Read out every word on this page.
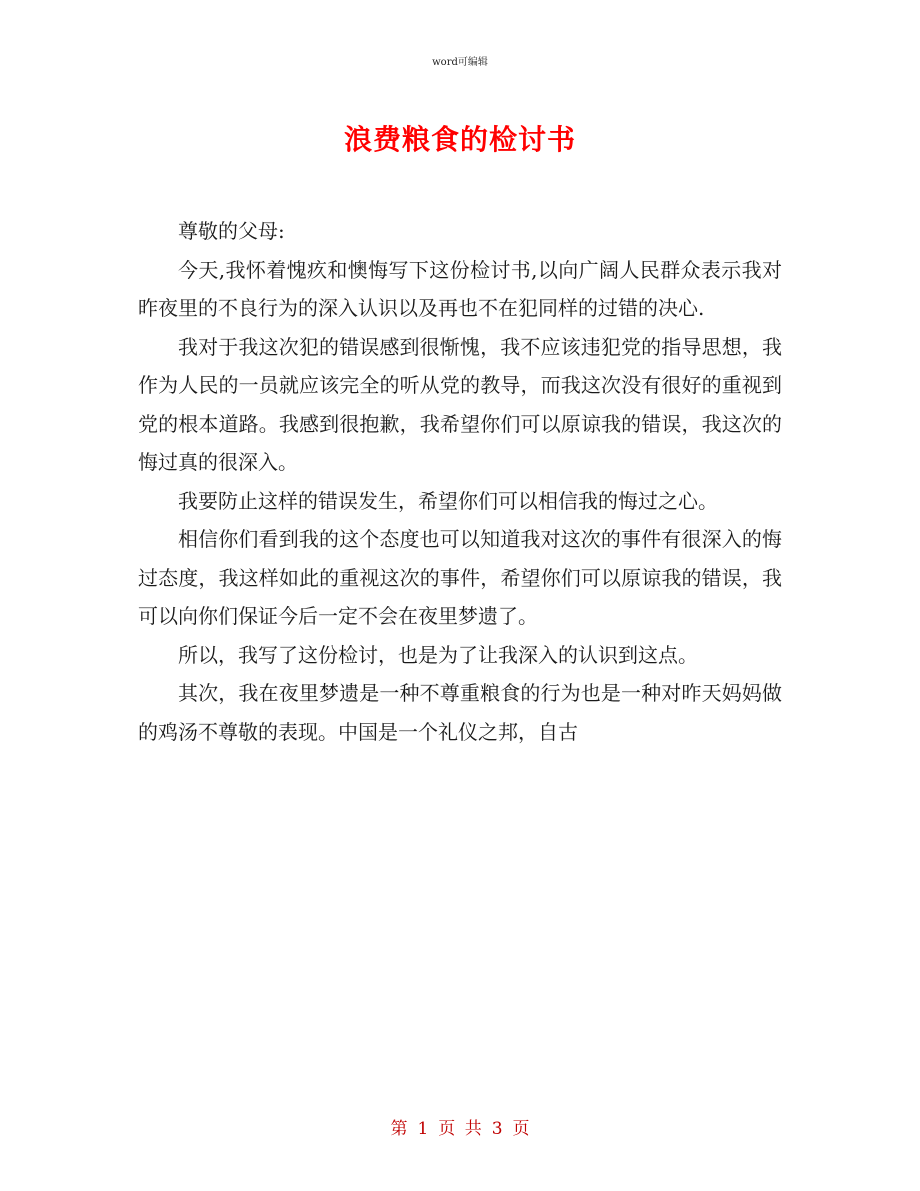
word可编辑
浪费粮食的检讨书

尊敬的父母:

今天,我怀着愧疚和懊悔写下这份检讨书,以向广阔人民群众表示我对昨夜里的不良行为的深入认识以及再也不在犯同样的过错的决心.

我对于我这次犯的错误感到很惭愧，我不应该违犯党的指导思想，我作为人民的一员就应该完全的听从党的教导，而我这次没有很好的重视到党的根本道路。我感到很抱歉，我希望你们可以原谅我的错误，我这次的悔过真的很深入。

我要防止这样的错误发生，希望你们可以相信我的悔过之心。

相信你们看到我的这个态度也可以知道我对这次的事件有很深入的悔过态度，我这样如此的重视这次的事件，希望你们可以原谅我的错误，我可以向你们保证今后一定不会在夜里梦遗了。

所以，我写了这份检讨，也是为了让我深入的认识到这点。

其次，我在夜里梦遗是一种不尊重粮食的行为也是一种对昨天妈妈做的鸡汤不尊敬的表现。中国是一个礼仪之邦，自古

第 1 页 共 3 页
